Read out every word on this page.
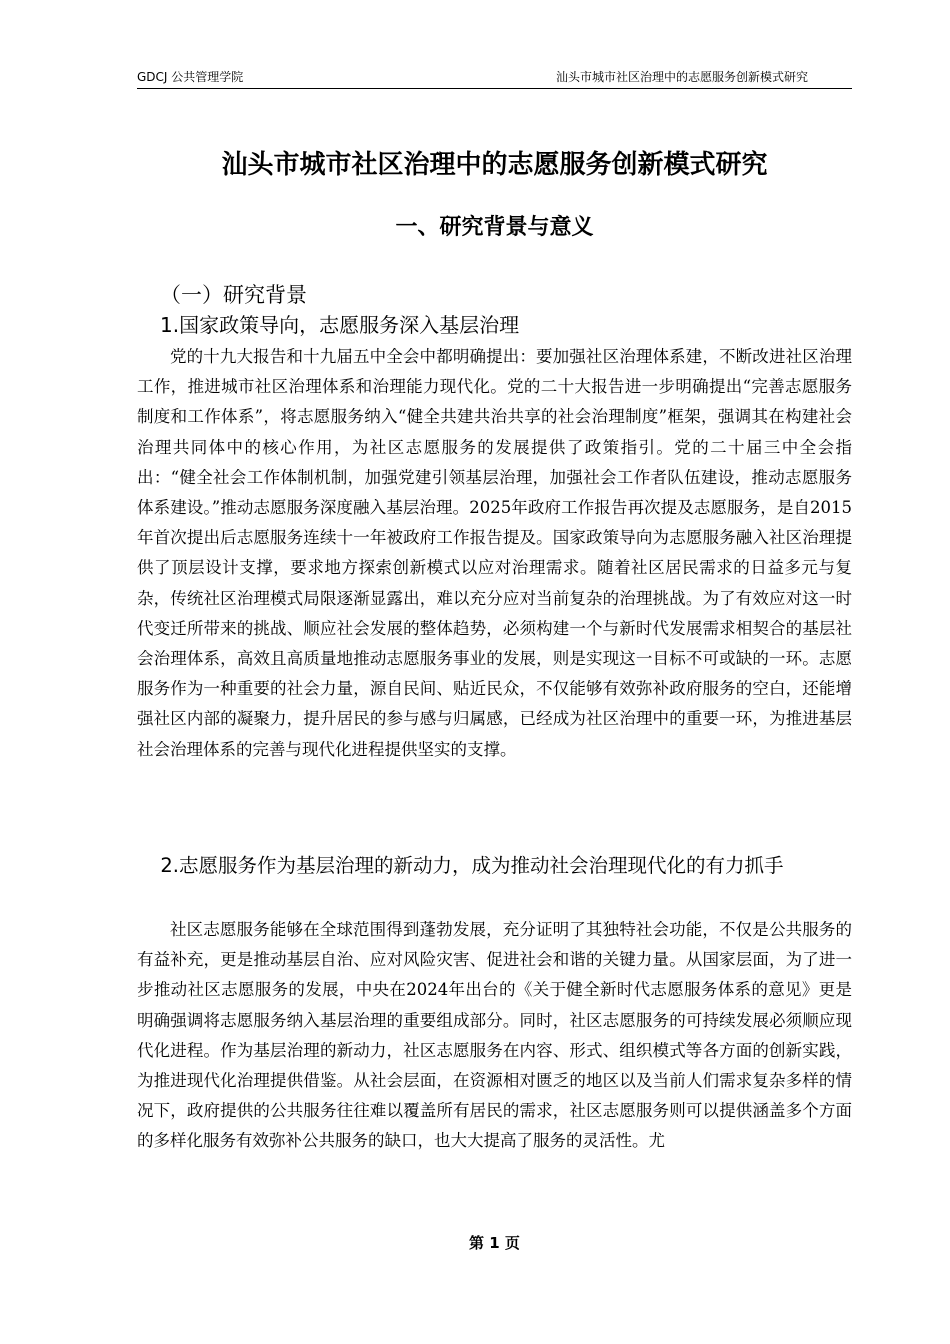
GDCJ 公共管理学院	汕头市城市社区治理中的志愿服务创新模式研究
汕头市城市社区治理中的志愿服务创新模式研究
一、研究背景与意义
（一）研究背景
1.国家政策导向，志愿服务深入基层治理

党的十九大报告和十九届五中全会中都明确提出：要加强社区治理体系建，不断改进社区治理工作，推进城市社区治理体系和治理能力现代化。党的二十大报告进一步明确提出“完善志愿服务制度和工作体系”，将志愿服务纳入“健全共建共治共享的社会治理制度”框架，强调其在构建社会治理共同体中的核心作用，为社区志愿服务的发展提供了政策指引。党的二十届三中全会指出：“健全社会工作体制机制，加强党建引领基层治理，加强社会工作者队伍建设，推动志愿服务体系建设。”推动志愿服务深度融入基层治理。2025年政府工作报告再次提及志愿服务，是自2015年首次提出后志愿服务连续十一年被政府工作报告提及。国家政策导向为志愿服务融入社区治理提供了顶层设计支撑，要求地方探索创新模式以应对治理需求。随着社区居民需求的日益多元与复杂，传统社区治理模式局限逐渐显露出，难以充分应对当前复杂的治理挑战。为了有效应对这一时代变迁所带来的挑战、顺应社会发展的整体趋势，必须构建一个与新时代发展需求相契合的基层社会治理体系，高效且高质量地推动志愿服务事业的发展，则是实现这一目标不可或缺的一环。志愿服务作为一种重要的社会力量，源自民间、贴近民众，不仅能够有效弥补政府服务的空白，还能增强社区内部的凝聚力，提升居民的参与感与归属感，已经成为社区治理中的重要一环，为推进基层社会治理体系的完善与现代化进程提供坚实的支撑。

2.志愿服务作为基层治理的新动力，成为推动社会治理现代化的有力抓手

社区志愿服务能够在全球范围得到蓬勃发展，充分证明了其独特社会功能，不仅是公共服务的有益补充，更是推动基层自治、应对风险灾害、促进社会和谐的关键力量。从国家层面，为了进一步推动社区志愿服务的发展，中央在2024年出台的《关于健全新时代志愿服务体系的意见》更是明确强调将志愿服务纳入基层治理的重要组成部分。同时，社区志愿服务的可持续发展必须顺应现代化进程。作为基层治理的新动力，社区志愿服务在内容、形式、组织模式等各方面的创新实践，为推进现代化治理提供借鉴。从社会层面，在资源相对匮乏的地区以及当前人们需求复杂多样的情况下，政府提供的公共服务往往难以覆盖所有居民的需求，社区志愿服务则可以提供涵盖多个方面的多样化服务有效弥补公共服务的缺口，也大大提高了服务的灵活性。尤

第 1 页
